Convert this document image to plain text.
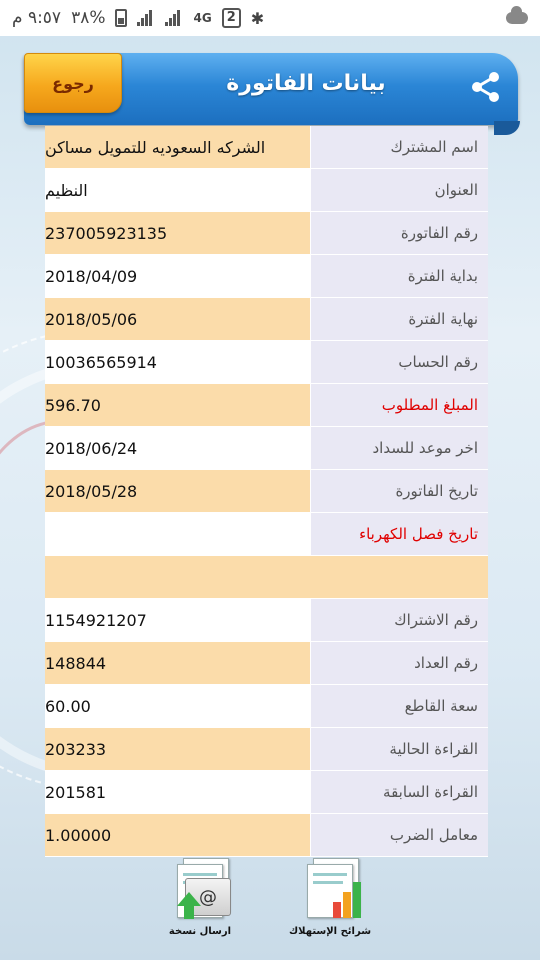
٩:٥٧ م ٣٨%	4G	2 ✱
بيانات الفاتورة
رجوع
الشركه السعوديه للتمويل مساكن	اسم المشترك
النظيم	العنوان
237005923135	رقم الفاتورة
2018/04/09	بداية الفترة
2018/05/06	نهاية الفترة
10036565914	رقم الحساب
596.70	المبلغ المطلوب
2018/06/24	اخر موعد للسداد
2018/05/28	تاريخ الفاتورة
تاريخ فصل الكهرباء
1154921207	رقم الاشتراك
148844	رقم العداد
60.00	سعة القاطع
203233	القراءة الحالية
201581	القراءة السابقة
1.00000	معامل الضرب
@
ارسال نسخة	شرائح الإستهلاك
